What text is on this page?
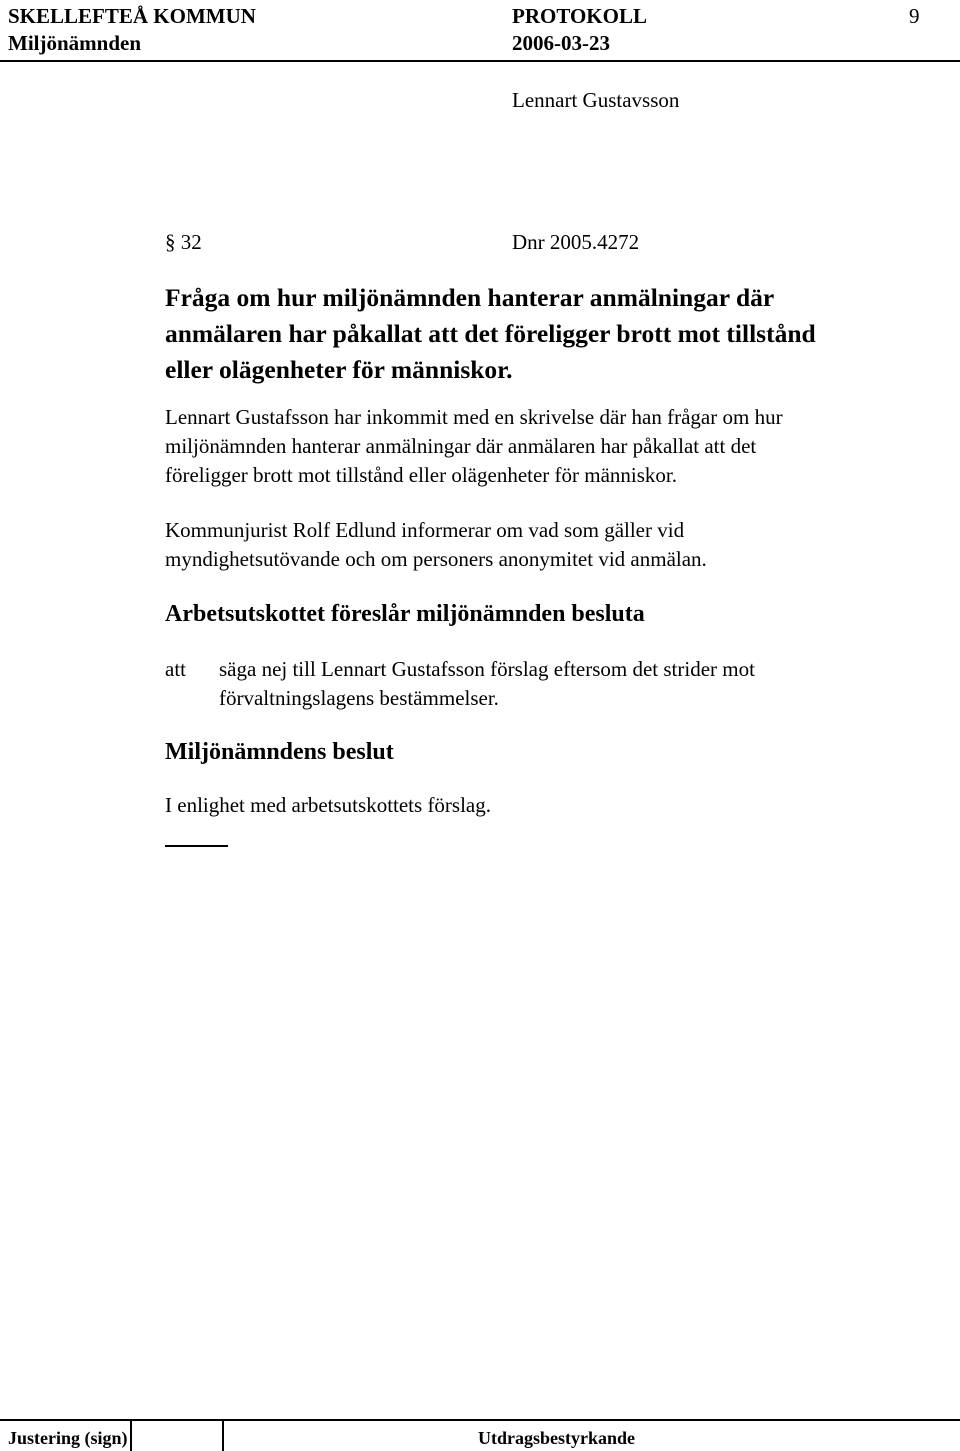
SKELLEFTEÅ KOMMUN	PROTOKOLL	9
Miljönämnden	2006-03-23
Lennart Gustavsson
§ 32	Dnr 2005.4272
Fråga om hur miljönämnden hanterar anmälningar där
anmälaren har påkallat att det föreligger brott mot tillstånd
eller olägenheter för människor.
Lennart Gustafsson har inkommit med en skrivelse där han frågar om hur
miljönämnden hanterar anmälningar där anmälaren har påkallat att det
föreligger brott mot tillstånd eller olägenheter för människor.
Kommunjurist Rolf Edlund informerar om vad som gäller vid
myndighetsutövande och om personers anonymitet vid anmälan.
Arbetsutskottet föreslår miljönämnden besluta
att säga nej till Lennart Gustafsson förslag eftersom det strider mot
förvaltningslagens bestämmelser.
Miljönämndens beslut
I enlighet med arbetsutskottets förslag.
Justering (sign)	Utdragsbestyrkande
